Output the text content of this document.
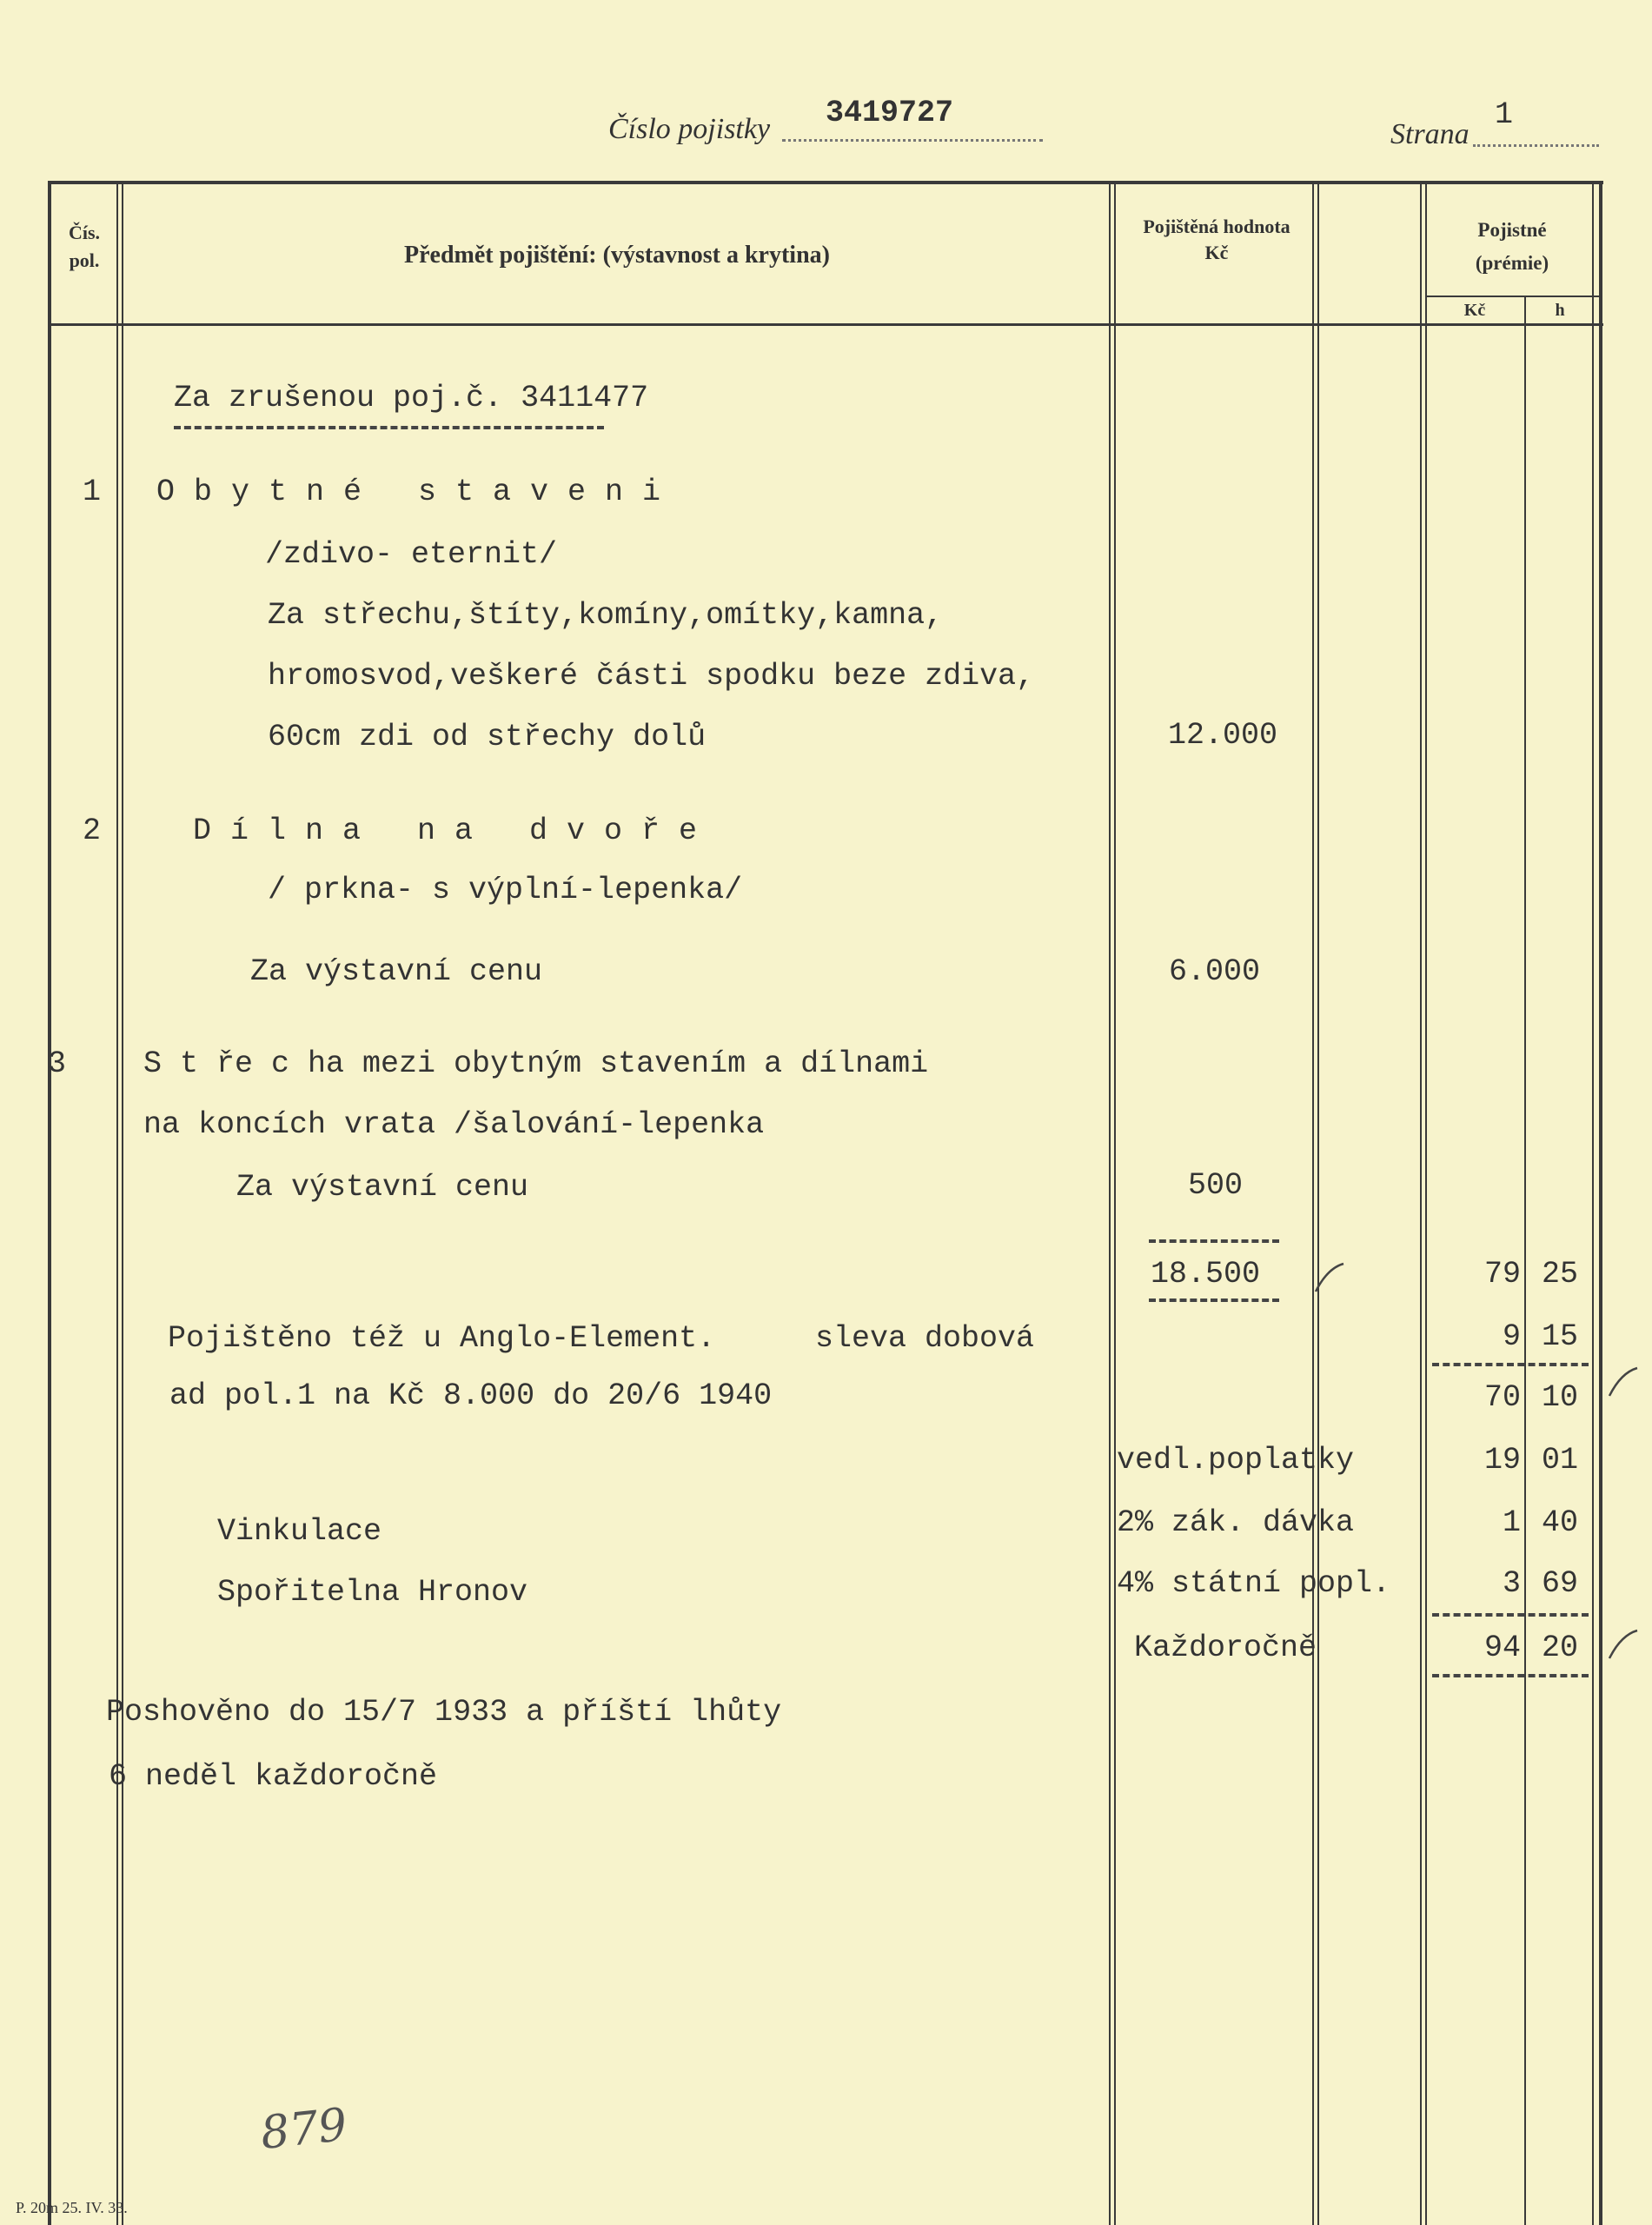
Číslo pojistky 3419727
Strana
1
Čís. pol.	Předmět pojištění: (výstavnost a krytina)
Pojištěná hodnota Kč
Pojistné (prémie)
Kč	h
Za zrušenou poj.č. 3411477
1 Obytné staveni
/zdivo- eternit/
Za střechu,štíty,komíny,omítky,kamna,
hromosvod,veškeré části spodku beze zdiva,
60cm zdi od střechy dolů	12.000
2	Dílna na dvoře
/ prkna- s výplní-lepenka/
Za výstavní cenu	6.000
3	S t ře c ha mezi obytným stavením a dílnami
na koncích vrata /šalování-lepenka
Za výstavní cenu	500
18.500	79 25
sleva dobová	9 15
70 10
vedl.poplatky	19 01
2% zák. dávka	1 40
4% státní popl.	3 69
Každoročně	94 20
Pojištěno též u Anglo-Element.
ad pol.1 na Kč 8.000 do 20/6 1940
Vinkulace
Spořitelna Hronov
Poshověno do 15/7 1933 a příští lhůty
6 neděl každoročně
879
P. 20m 25. IV. 33.
